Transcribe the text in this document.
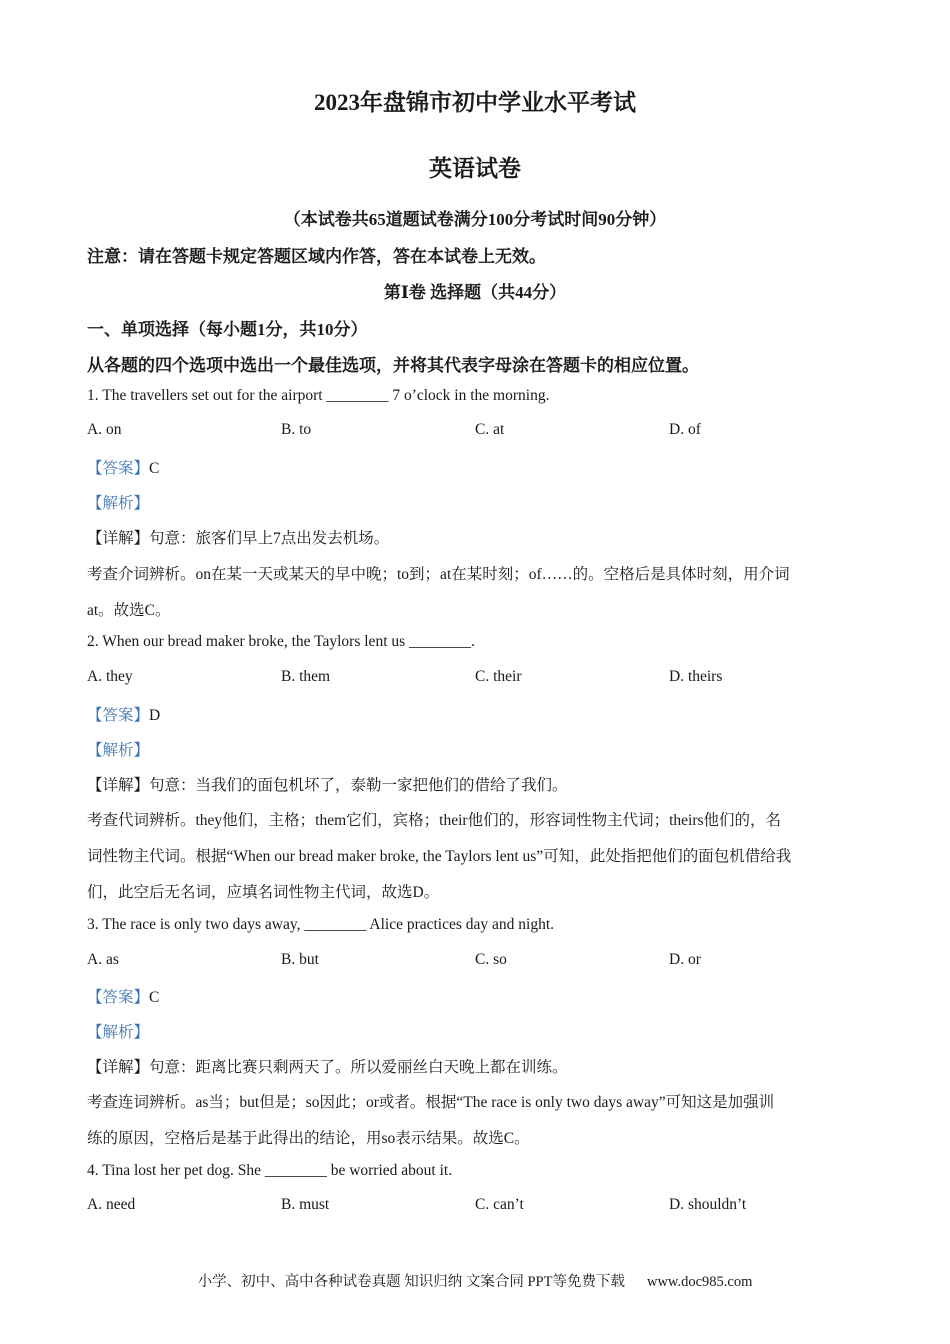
2023年盘锦市初中学业水平考试
英语试卷
（本试卷共65道题试卷满分100分考试时间90分钟）
注意：请在答题卡规定答题区域内作答，答在本试卷上无效。
第Ⅰ卷 选择题（共44分）
一、单项选择（每小题1分，共10分）
从各题的四个选项中选出一个最佳选项，并将其代表字母涂在答题卡的相应位置。
1. The travellers set out for the airport ________ 7 o’clock in the morning.
A. on	B. to	C. at	D. of
【答案】C
【解析】
【详解】句意：旅客们早上7点出发去机场。
考查介词辨析。on在某一天或某天的早中晚；to到；at在某时刻；of……的。空格后是具体时刻，用介词
at。故选C。
2. When our bread maker broke, the Taylors lent us ________.
A. they	B. them	C. their	D. theirs
【答案】D
【解析】
【详解】句意：当我们的面包机坏了，泰勒一家把他们的借给了我们。
考查代词辨析。they他们，主格；them它们，宾格；their他们的，形容词性物主代词；theirs他们的，名
词性物主代词。根据“When our bread maker broke, the Taylors lent us”可知，此处指把他们的面包机借给我
们，此空后无名词，应填名词性物主代词，故选D。
3. The race is only two days away, ________ Alice practices day and night.
A. as	B. but	C. so	D. or
【答案】C
【解析】
【详解】句意：距离比赛只剩两天了。所以爱丽丝白天晚上都在训练。
考查连词辨析。as当；but但是；so因此；or或者。根据“The race is only two days away”可知这是加强训
练的原因，空格后是基于此得出的结论，用so表示结果。故选C。
4. Tina lost her pet dog. She ________ be worried about it.
A. need	B. must	C. can’t	D. shouldn’t
小学、初中、高中各种试卷真题 知识归纳 文案合同 PPT等免费下载 www.doc985.com
